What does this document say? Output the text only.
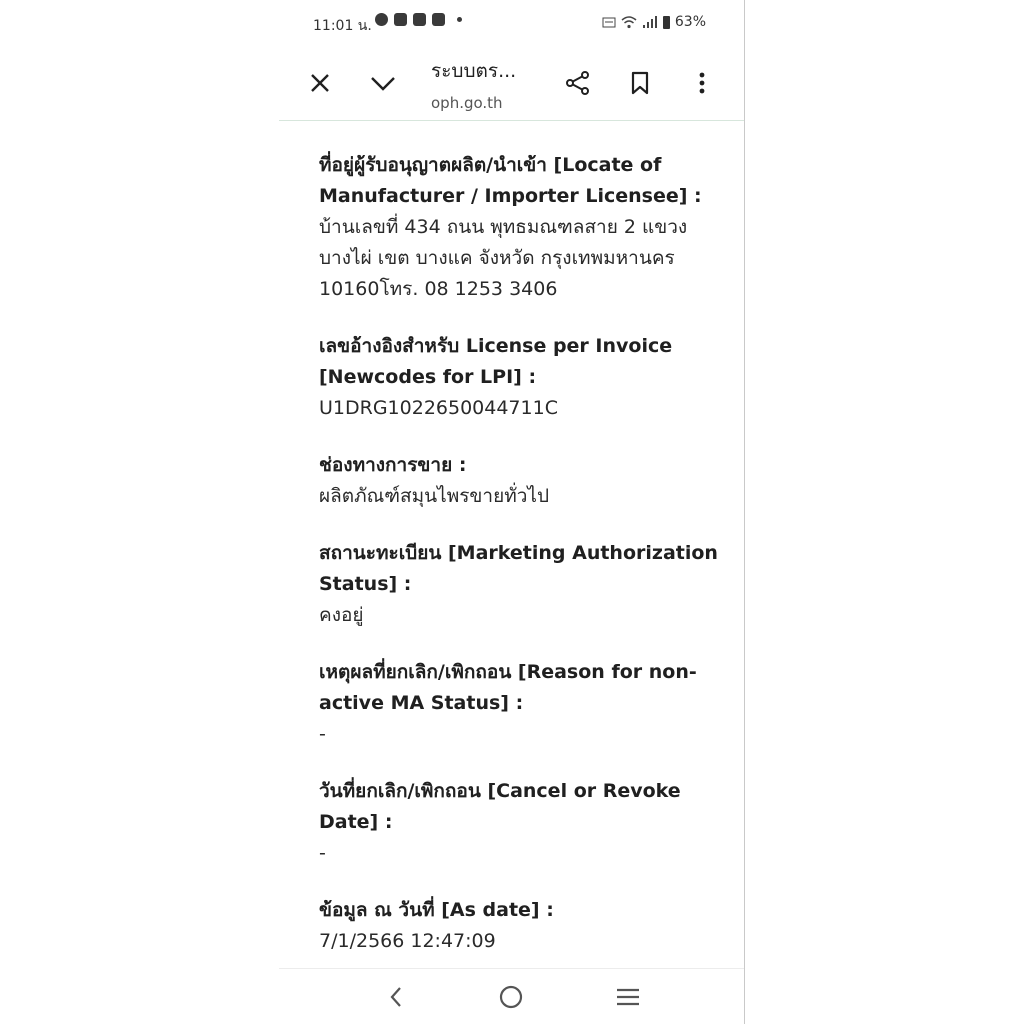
11:01 น.	63%
ระบบตร...
oph.go.th
ที่อยู่ผู้รับอนุญาตผลิต/นำเข้า [Locate of Manufacturer / Importer Licensee] :
บ้านเลขที่ 434 ถนน พุทธมณฑลสาย 2 แขวง บางไผ่ เขต บางแค จังหวัด กรุงเทพมหานคร 10160โทร. 08 1253 3406
เลขอ้างอิงสำหรับ License per Invoice [Newcodes for LPI] :
U1DRG1022650044711C
ช่องทางการขาย :
ผลิตภัณฑ์สมุนไพรขายทั่วไป
สถานะทะเบียน [Marketing Authorization Status] :
คงอยู่
เหตุผลที่ยกเลิก/เพิกถอน [Reason for non-active MA Status] :
-
วันที่ยกเลิก/เพิกถอน [Cancel or Revoke Date] :
-
ข้อมูล ณ วันที่ [As date] :
7/1/2566 12:47:09
